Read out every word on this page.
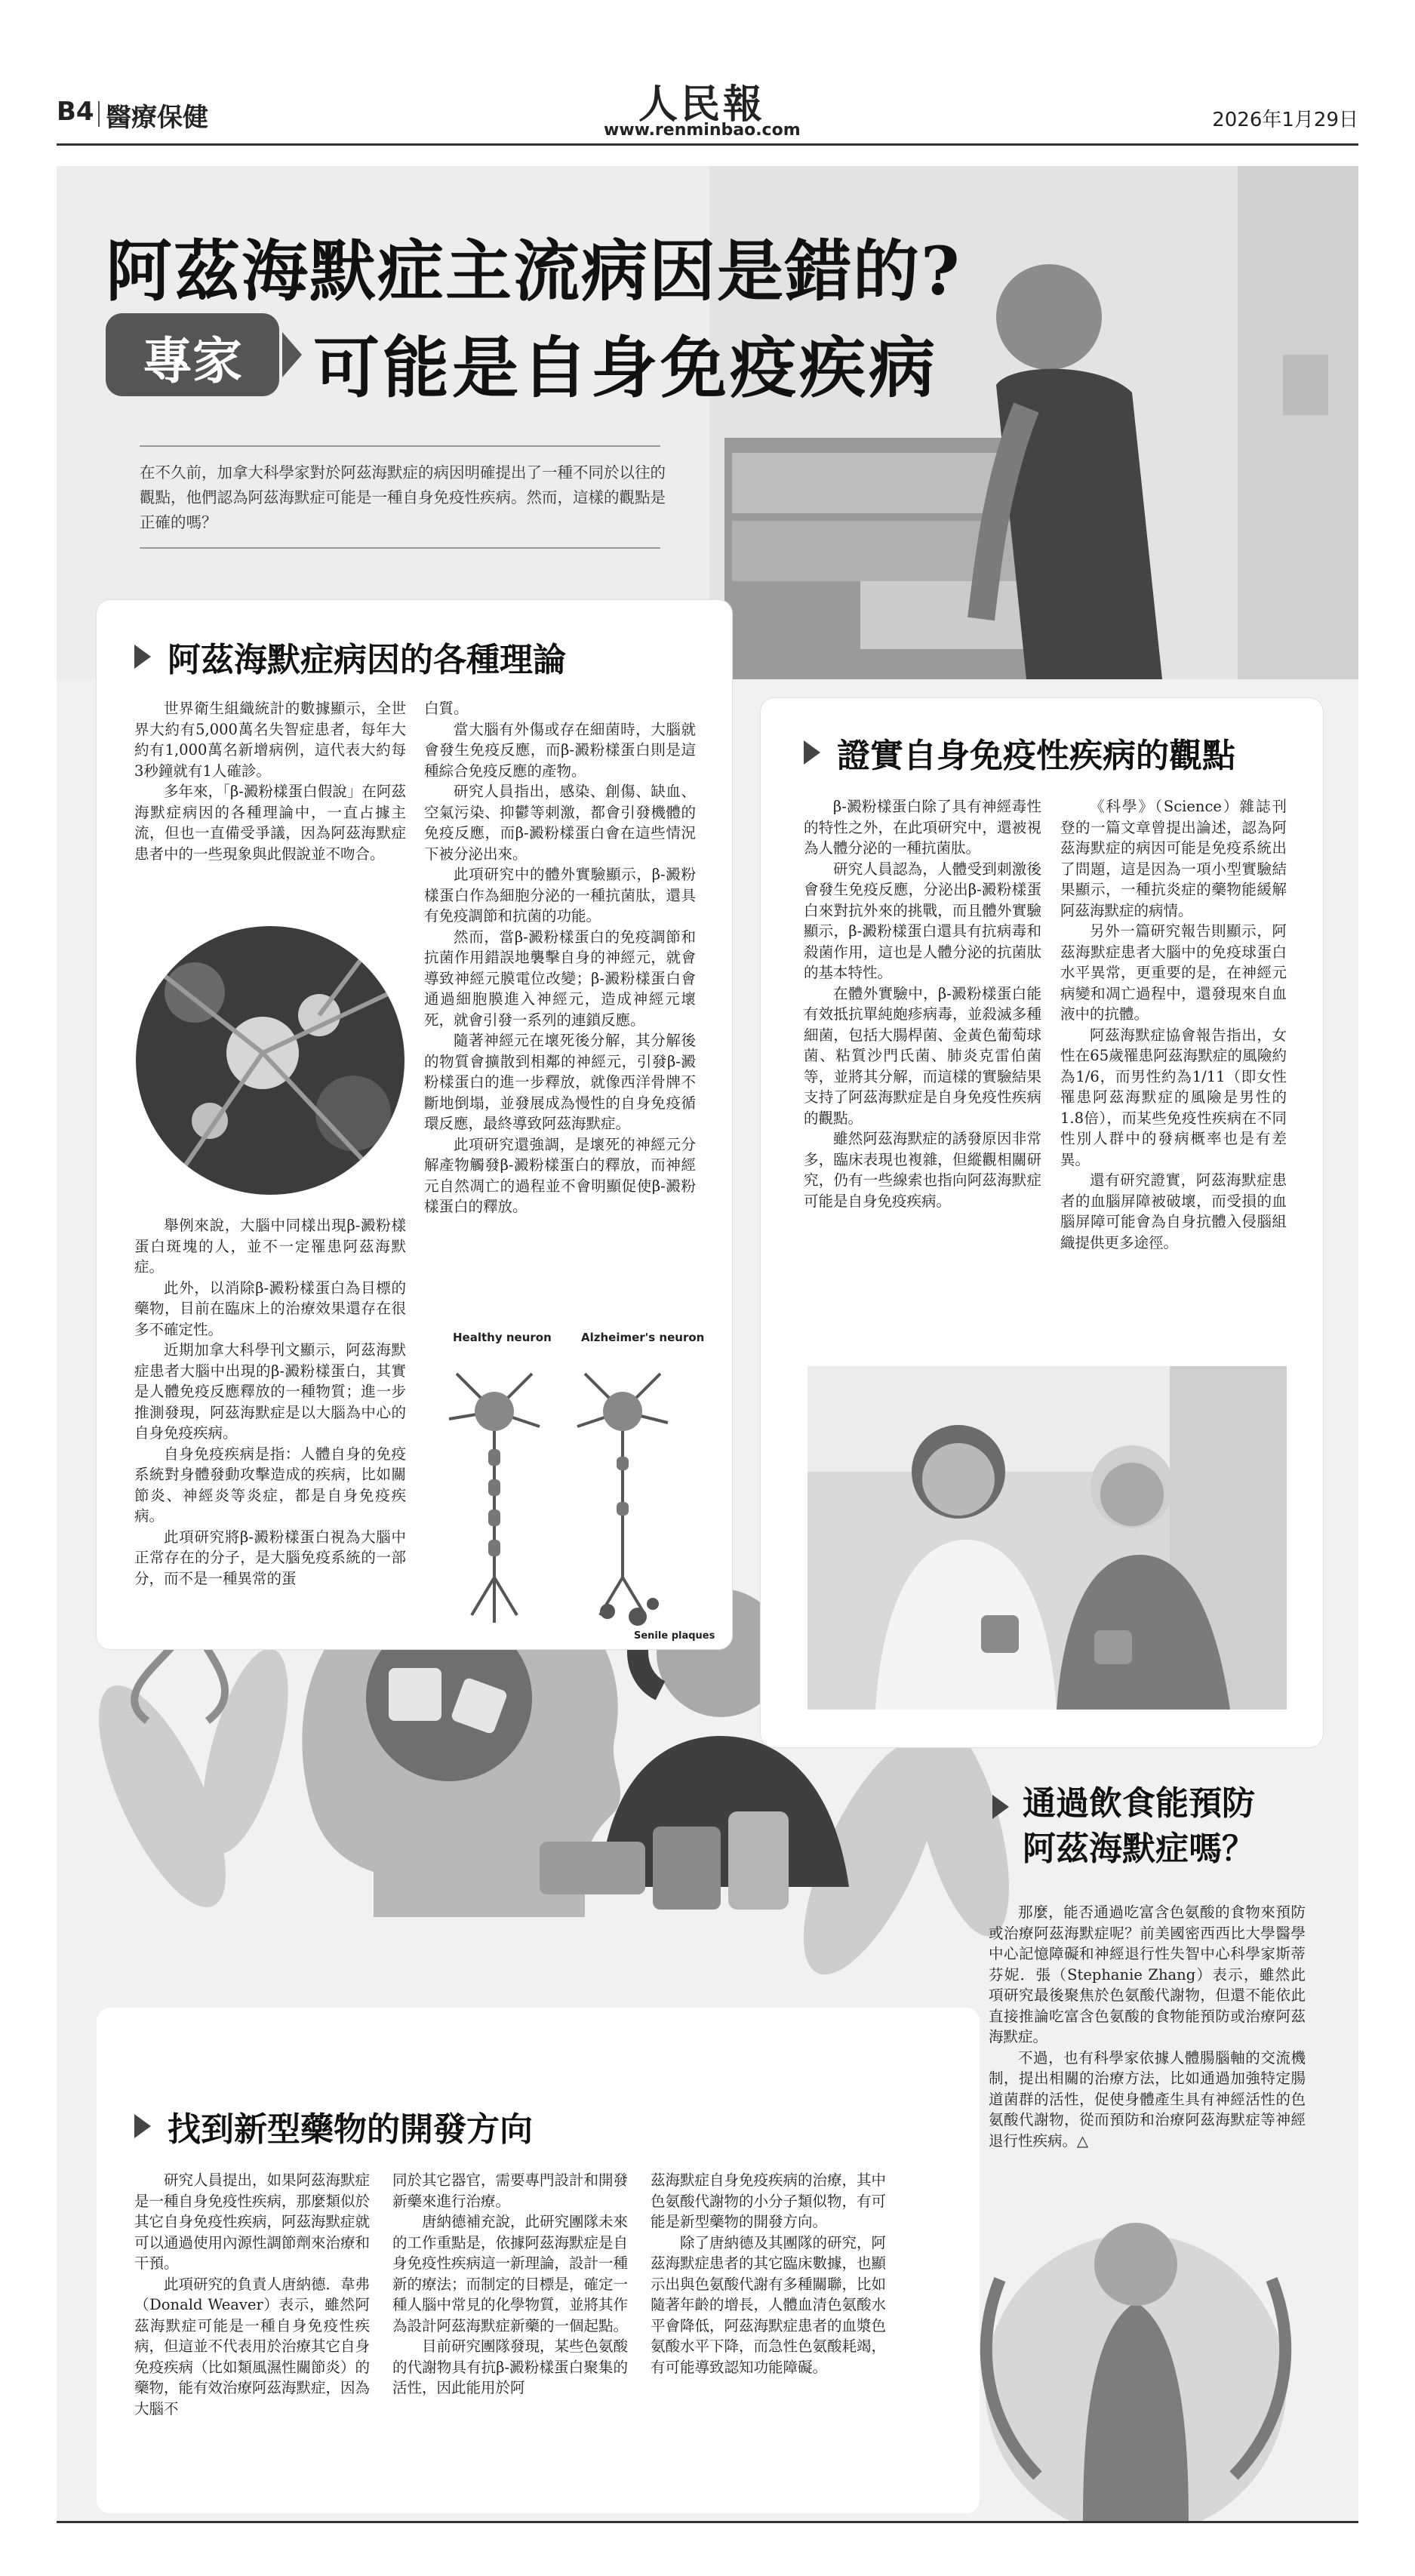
B4 醫療保健	人民報
www.renminbao.com	2026年1月29日
阿茲海默症主流病因是錯的?
專家	可能是自身免疫疾病
在不久前，加拿大科學家對於阿茲海默症的病因明確提出了一種不同於以往的觀點，他們認為阿茲海默症可能是一種自身免疫性疾病。然而，這樣的觀點是正確的嗎？
阿茲海默症病因的各種理論

世界衛生組織統計的數據顯示，全世界大約有5,000萬名失智症患者，每年大約有1,000萬名新增病例，這代表大約每3秒鐘就有1人確診。

多年來，「β-澱粉樣蛋白假說」在阿茲海默症病因的各種理論中，一直占據主流，但也一直備受爭議，因為阿茲海默症患者中的一些現象與此假說並不吻合。

舉例來說，大腦中同樣出現β-澱粉樣蛋白斑塊的人，並不一定罹患阿茲海默症。

此外，以消除β-澱粉樣蛋白為目標的藥物，目前在臨床上的治療效果還存在很多不確定性。

近期加拿大科學刊文顯示，阿茲海默症患者大腦中出現的β-澱粉樣蛋白，其實是人體免疫反應釋放的一種物質；進一步推測發現，阿茲海默症是以大腦為中心的自身免疫疾病。

自身免疫疾病是指：人體自身的免疫系統對身體發動攻擊造成的疾病，比如關節炎、神經炎等炎症，都是自身免疫疾病。

此項研究將β-澱粉樣蛋白視為大腦中正常存在的分子，是大腦免疫系統的一部分，而不是一種異常的蛋

白質。

當大腦有外傷或存在細菌時，大腦就會發生免疫反應，而β-澱粉樣蛋白則是這種綜合免疫反應的產物。

研究人員指出，感染、創傷、缺血、空氣污染、抑鬱等刺激，都會引發機體的免疫反應，而β-澱粉樣蛋白會在這些情況下被分泌出來。

此項研究中的體外實驗顯示，β-澱粉樣蛋白作為細胞分泌的一種抗菌肽，還具有免疫調節和抗菌的功能。

然而，當β-澱粉樣蛋白的免疫調節和抗菌作用錯誤地襲擊自身的神經元，就會導致神經元膜電位改變；β-澱粉樣蛋白會通過細胞膜進入神經元，造成神經元壞死，就會引發一系列的連鎖反應。

隨著神經元在壞死後分解，其分解後的物質會擴散到相鄰的神經元，引發β-澱粉樣蛋白的進一步釋放，就像西洋骨牌不斷地倒塌，並發展成為慢性的自身免疫循環反應，最終導致阿茲海默症。

此項研究還強調，是壞死的神經元分解產物觸發β-澱粉樣蛋白的釋放，而神經元自然凋亡的過程並不會明顯促使β-澱粉樣蛋白的釋放。

Healthy neuron	Alzheimer's neuron
Senile plaques
證實自身免疫性疾病的觀點

β-澱粉樣蛋白除了具有神經毒性的特性之外，在此項研究中，還被視為人體分泌的一種抗菌肽。

研究人員認為，人體受到刺激後會發生免疫反應，分泌出β-澱粉樣蛋白來對抗外來的挑戰，而且體外實驗顯示，β-澱粉樣蛋白還具有抗病毒和殺菌作用，這也是人體分泌的抗菌肽的基本特性。

在體外實驗中，β-澱粉樣蛋白能有效抵抗單純皰疹病毒，並殺滅多種細菌，包括大腸桿菌、金黃色葡萄球菌、粘質沙門氏菌、肺炎克雷伯菌等，並將其分解，而這樣的實驗結果支持了阿茲海默症是自身免疫性疾病的觀點。

雖然阿茲海默症的誘發原因非常多，臨床表現也複雜，但縱觀相關研究，仍有一些線索也指向阿茲海默症可能是自身免疫疾病。

《科學》（Science）雜誌刊登的一篇文章曾提出論述，認為阿茲海默症的病因可能是免疫系統出了問題，這是因為一項小型實驗結果顯示，一種抗炎症的藥物能緩解阿茲海默症的病情。

另外一篇研究報告則顯示，阿茲海默症患者大腦中的免疫球蛋白水平異常，更重要的是，在神經元病變和凋亡過程中，還發現來自血液中的抗體。

阿茲海默症協會報告指出，女性在65歲罹患阿茲海默症的風險約為1/6，而男性約為1/11（即女性罹患阿茲海默症的風險是男性的1.8倍），而某些免疫性疾病在不同性別人群中的發病概率也是有差異。

還有研究證實，阿茲海默症患者的血腦屏障被破壞，而受損的血腦屏障可能會為自身抗體入侵腦組織提供更多途徑。

通過飲食能預防
阿茲海默症嗎？

那麼，能否通過吃富含色氨酸的食物來預防或治療阿茲海默症呢？前美國密西西比大學醫學中心記憶障礙和神經退行性失智中心科學家斯蒂芬妮．張（Stephanie Zhang）表示，雖然此項研究最後聚焦於色氨酸代謝物，但還不能依此直接推論吃富含色氨酸的食物能預防或治療阿茲海默症。

不過，也有科學家依據人體腸腦軸的交流機制，提出相關的治療方法，比如通過加強特定腸道菌群的活性，促使身體產生具有神經活性的色氨酸代謝物，從而預防和治療阿茲海默症等神經退行性疾病。△

找到新型藥物的開發方向

研究人員提出，如果阿茲海默症是一種自身免疫性疾病，那麼類似於其它自身免疫性疾病，阿茲海默症就可以通過使用內源性調節劑來治療和干預。

此項研究的負責人唐納德．韋弗（Donald Weaver）表示，雖然阿茲海默症可能是一種自身免疫性疾病，但這並不代表用於治療其它自身免疫疾病（比如類風濕性關節炎）的藥物，能有效治療阿茲海默症，因為大腦不

同於其它器官，需要專門設計和開發新藥來進行治療。

唐納德補充說，此研究團隊未來的工作重點是，依據阿茲海默症是自身免疫性疾病這一新理論，設計一種新的療法；而制定的目標是，確定一種人腦中常見的化學物質，並將其作為設計阿茲海默症新藥的一個起點。

目前研究團隊發現，某些色氨酸的代謝物具有抗β-澱粉樣蛋白聚集的活性，因此能用於阿

茲海默症自身免疫疾病的治療，其中色氨酸代謝物的小分子類似物，有可能是新型藥物的開發方向。

除了唐納德及其團隊的研究，阿茲海默症患者的其它臨床數據，也顯示出與色氨酸代謝有多種關聯，比如隨著年齡的增長，人體血清色氨酸水平會降低，阿茲海默症患者的血漿色氨酸水平下降，而急性色氨酸耗竭，有可能導致認知功能障礙。
